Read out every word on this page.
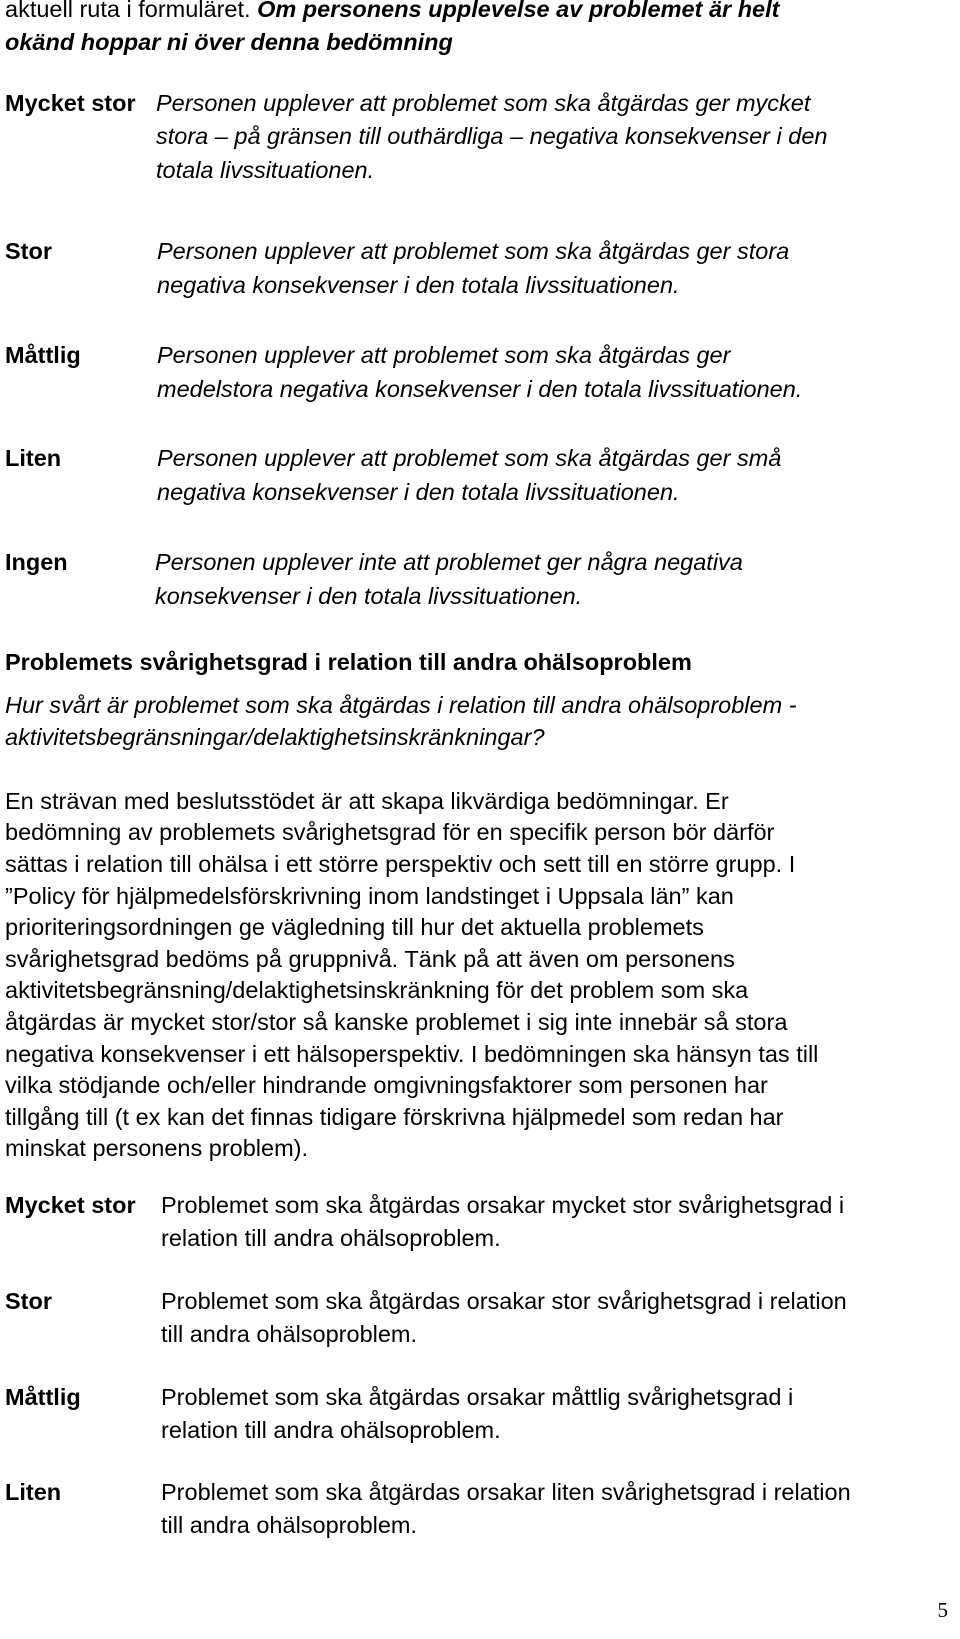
aktuell ruta i formuläret. Om personens upplevelse av problemet är helt
okänd hoppar ni över denna bedömning
Mycket stor Personen upplever att problemet som ska åtgärdas ger mycket
stora – på gränsen till outhärdliga – negativa konsekvenser i den
totala livssituationen.
Stor	Personen upplever att problemet som ska åtgärdas ger stora
negativa konsekvenser i den totala livssituationen.
Måttlig	Personen upplever att problemet som ska åtgärdas ger
medelstora negativa konsekvenser i den totala livssituationen.
Liten	Personen upplever att problemet som ska åtgärdas ger små
negativa konsekvenser i den totala livssituationen.
Ingen	Personen upplever inte att problemet ger några negativa
konsekvenser i den totala livssituationen.
Problemets svårighetsgrad i relation till andra ohälsoproblem
Hur svårt är problemet som ska åtgärdas i relation till andra ohälsoproblem -
aktivitetsbegränsningar/delaktighetsinskränkningar?
En strävan med beslutsstödet är att skapa likvärdiga bedömningar. Er
bedömning av problemets svårighetsgrad för en specifik person bör därför
sättas i relation till ohälsa i ett större perspektiv och sett till en större grupp. I
”Policy för hjälpmedelsförskrivning inom landstinget i Uppsala län” kan
prioriteringsordningen ge vägledning till hur det aktuella problemets
svårighetsgrad bedöms på gruppnivå. Tänk på att även om personens
aktivitetsbegränsning/delaktighetsinskränkning för det problem som ska
åtgärdas är mycket stor/stor så kanske problemet i sig inte innebär så stora
negativa konsekvenser i ett hälsoperspektiv. I bedömningen ska hänsyn tas till
vilka stödjande och/eller hindrande omgivningsfaktorer som personen har
tillgång till (t ex kan det finnas tidigare förskrivna hjälpmedel som redan har
minskat personens problem).
Mycket stor Problemet som ska åtgärdas orsakar mycket stor svårighetsgrad i
relation till andra ohälsoproblem.
Stor	Problemet som ska åtgärdas orsakar stor svårighetsgrad i relation
till andra ohälsoproblem.
Måttlig	Problemet som ska åtgärdas orsakar måttlig svårighetsgrad i
relation till andra ohälsoproblem.
Liten	Problemet som ska åtgärdas orsakar liten svårighetsgrad i relation
till andra ohälsoproblem.
5
